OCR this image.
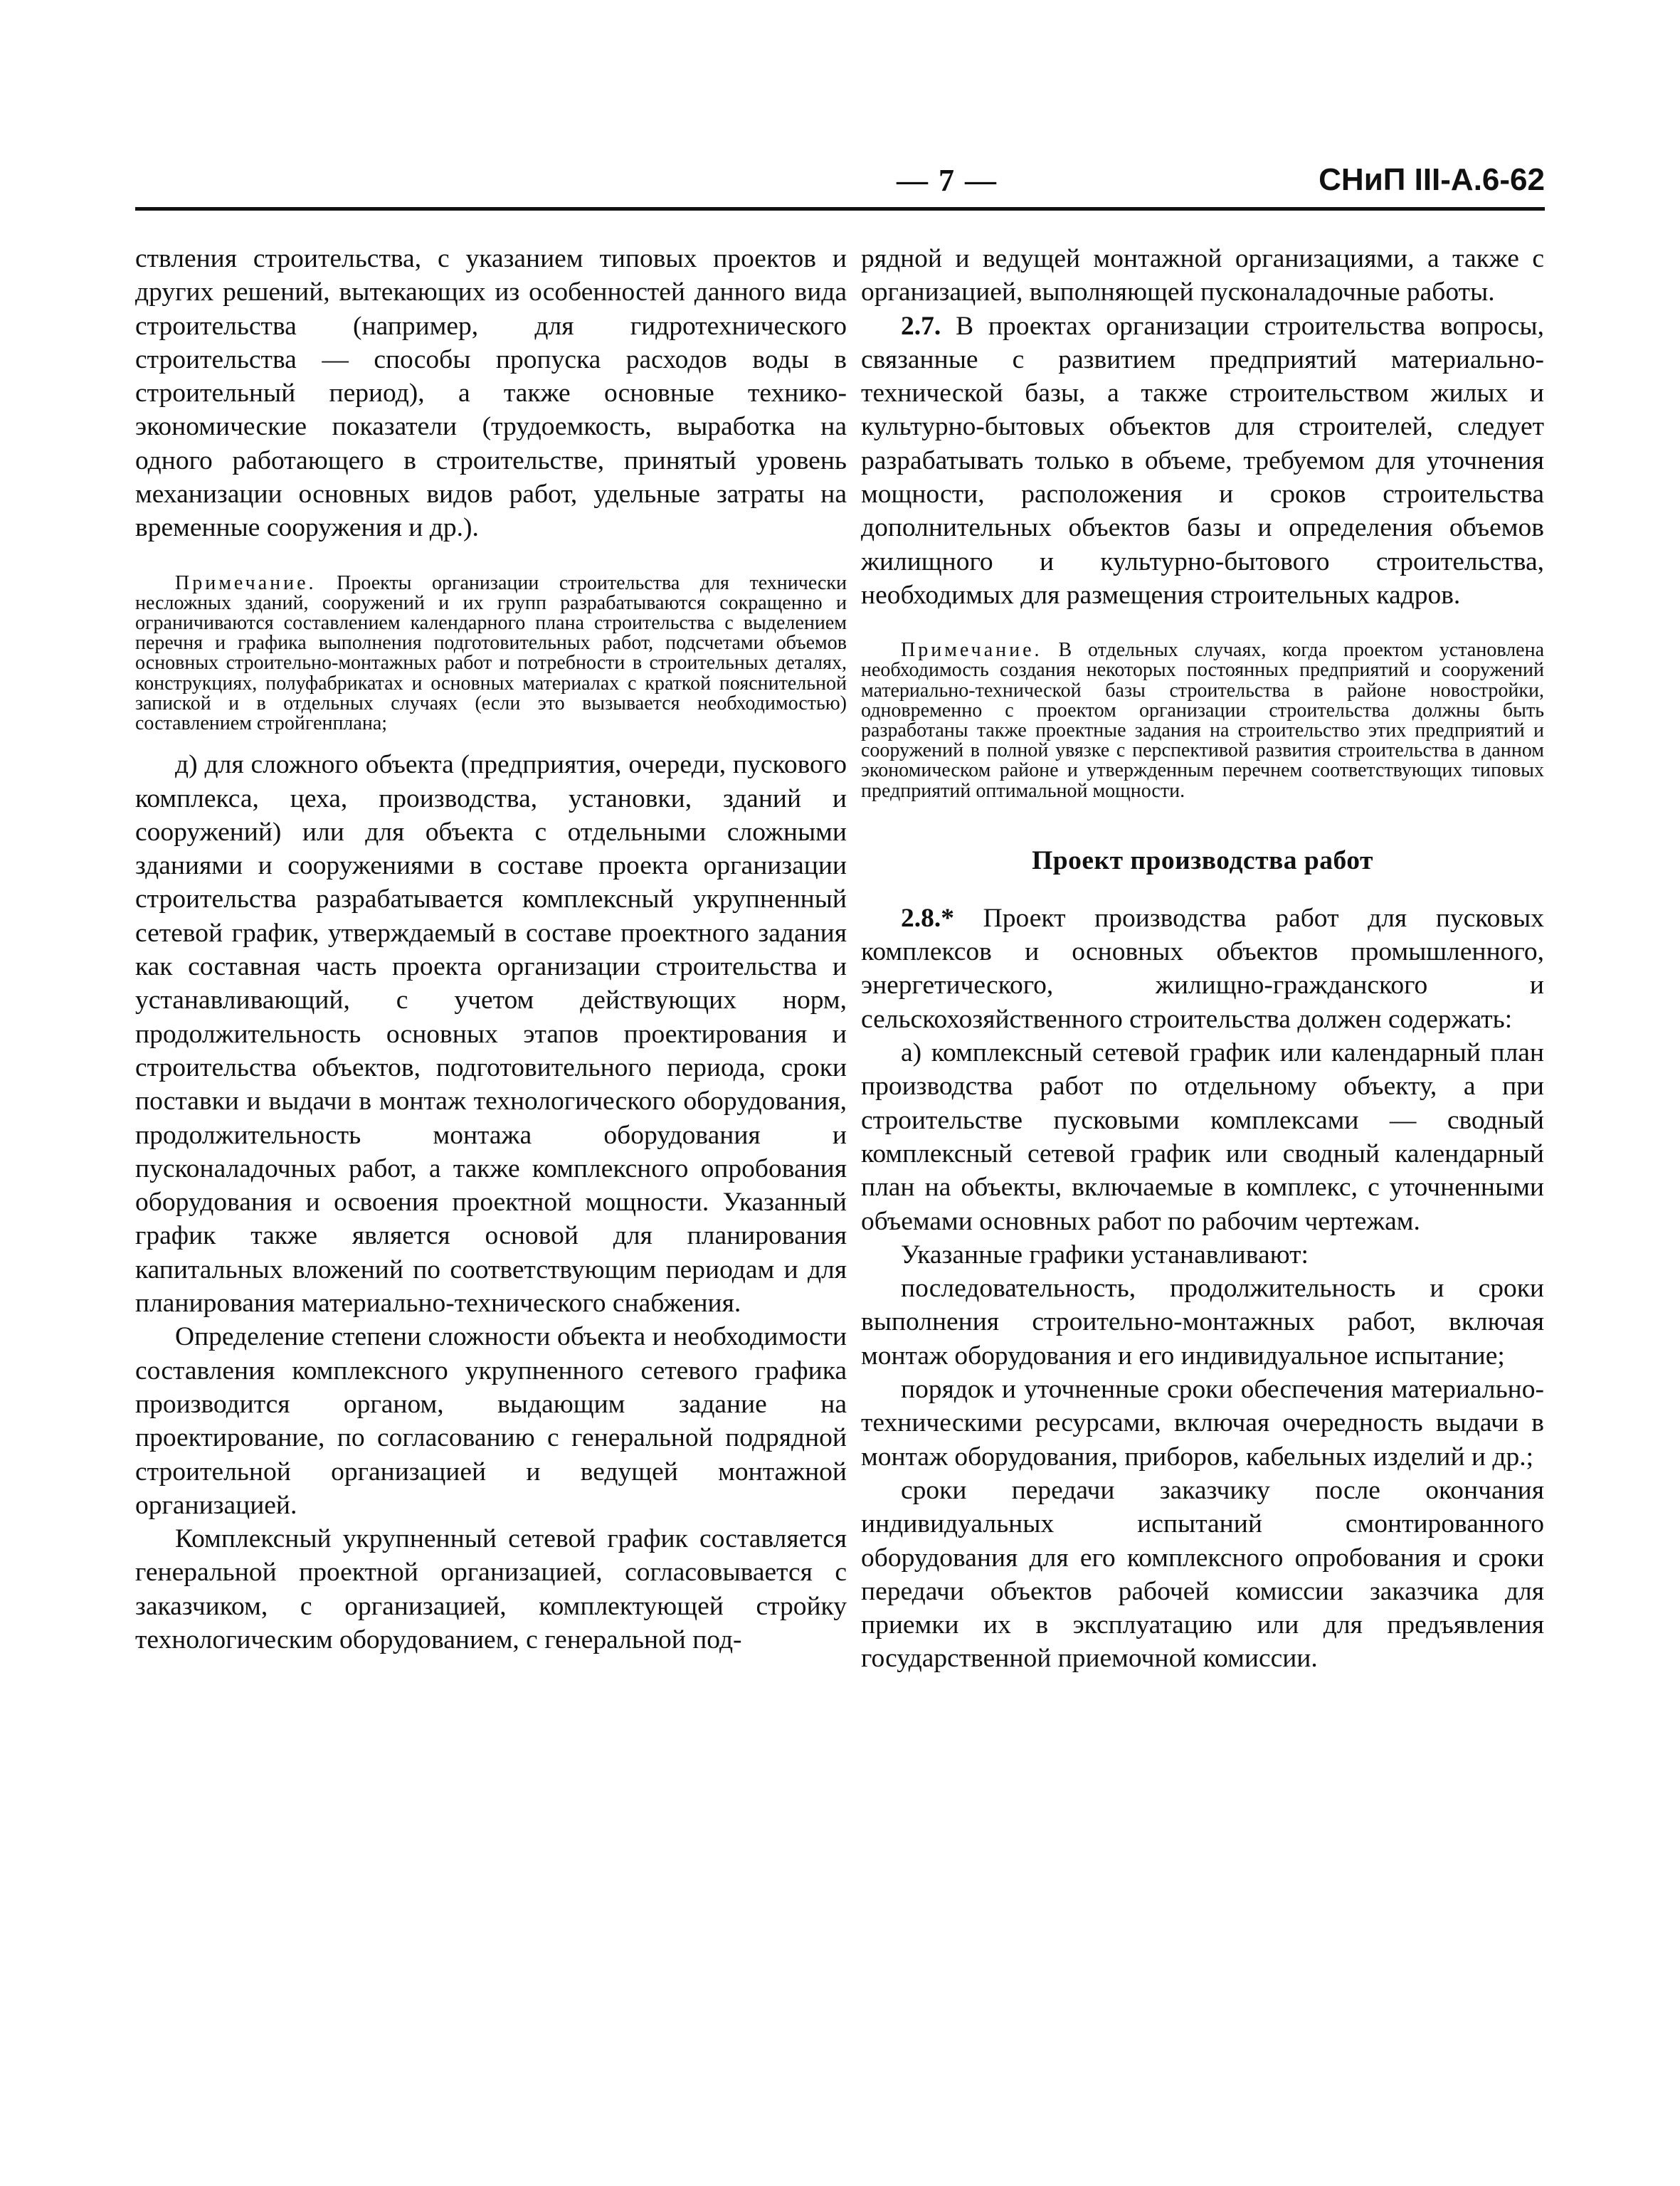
— 7 —	СНиП III-А.6-62

ствления строительства, с указанием типовых проектов и других решений, вытекающих из особенностей данного вида строительства (например, для гидротехнического строительства — способы пропуска расходов воды в строительный период), а также основные технико-экономические показатели (трудоемкость, выработка на одного работающего в строительстве, принятый уровень механизации основных видов работ, удельные затраты на временные сооружения и др.).

Примечание. Проекты организации строительства для технически несложных зданий, сооружений и их групп разрабатываются сокращенно и ограничиваются составлением календарного плана строительства с выделением перечня и графика выполнения подготовительных работ, подсчетами объемов основных строительно-монтажных работ и потребности в строительных деталях, конструкциях, полуфабрикатах и основных материалах с краткой пояснительной запиской и в отдельных случаях (если это вызывается необходимостью) составлением стройгенплана;

д) для сложного объекта (предприятия, очереди, пускового комплекса, цеха, производства, установки, зданий и сооружений) или для объекта с отдельными сложными зданиями и сооружениями в составе проекта организации строительства разрабатывается комплексный укрупненный сетевой график, утверждаемый в составе проектного задания как составная часть проекта организации строительства и устанавливающий, с учетом действующих норм, продолжительность основных этапов проектирования и строительства объектов, подготовительного периода, сроки поставки и выдачи в монтаж технологического оборудования, продолжительность монтажа оборудования и пусконаладочных работ, а также комплексного опробования оборудования и освоения проектной мощности. Указанный график также является основой для планирования капитальных вложений по соответствующим периодам и для планирования материально-технического снабжения.

Определение степени сложности объекта и необходимости составления комплексного укрупненного сетевого графика производится органом, выдающим задание на проектирование, по согласованию с генеральной подрядной строительной организацией и ведущей монтажной организацией.

Комплексный укрупненный сетевой график составляется генеральной проектной организацией, согласовывается с заказчиком, с организацией, комплектующей стройку технологическим оборудованием, с генеральной под-

рядной и ведущей монтажной организациями, а также с организацией, выполняющей пусконаладочные работы.

2.7. В проектах организации строительства вопросы, связанные с развитием предприятий материально-технической базы, а также строительством жилых и культурно-бытовых объектов для строителей, следует разрабатывать только в объеме, требуемом для уточнения мощности, расположения и сроков строительства дополнительных объектов базы и определения объемов жилищного и культурно-бытового строительства, необходимых для размещения строительных кадров.

Примечание. В отдельных случаях, когда проектом установлена необходимость создания некоторых постоянных предприятий и сооружений материально-технической базы строительства в районе новостройки, одновременно с проектом организации строительства должны быть разработаны также проектные задания на строительство этих предприятий и сооружений в полной увязке с перспективой развития строительства в данном экономическом районе и утвержденным перечнем соответствующих типовых предприятий оптимальной мощности.

Проект производства работ

2.8.* Проект производства работ для пусковых комплексов и основных объектов промышленного, энергетического, жилищно-гражданского и сельскохозяйственного строительства должен содержать:

а) комплексный сетевой график или календарный план производства работ по отдельному объекту, а при строительстве пусковыми комплексами — сводный комплексный сетевой график или сводный календарный план на объекты, включаемые в комплекс, с уточненными объемами основных работ по рабочим чертежам.

Указанные графики устанавливают:

последовательность, продолжительность и сроки выполнения строительно-монтажных работ, включая монтаж оборудования и его индивидуальное испытание;

порядок и уточненные сроки обеспечения материально-техническими ресурсами, включая очередность выдачи в монтаж оборудования, приборов, кабельных изделий и др.;

сроки передачи заказчику после окончания индивидуальных испытаний смонтированного оборудования для его комплексного опробования и сроки передачи объектов рабочей комиссии заказчика для приемки их в эксплуатацию или для предъявления государственной приемочной комиссии.
